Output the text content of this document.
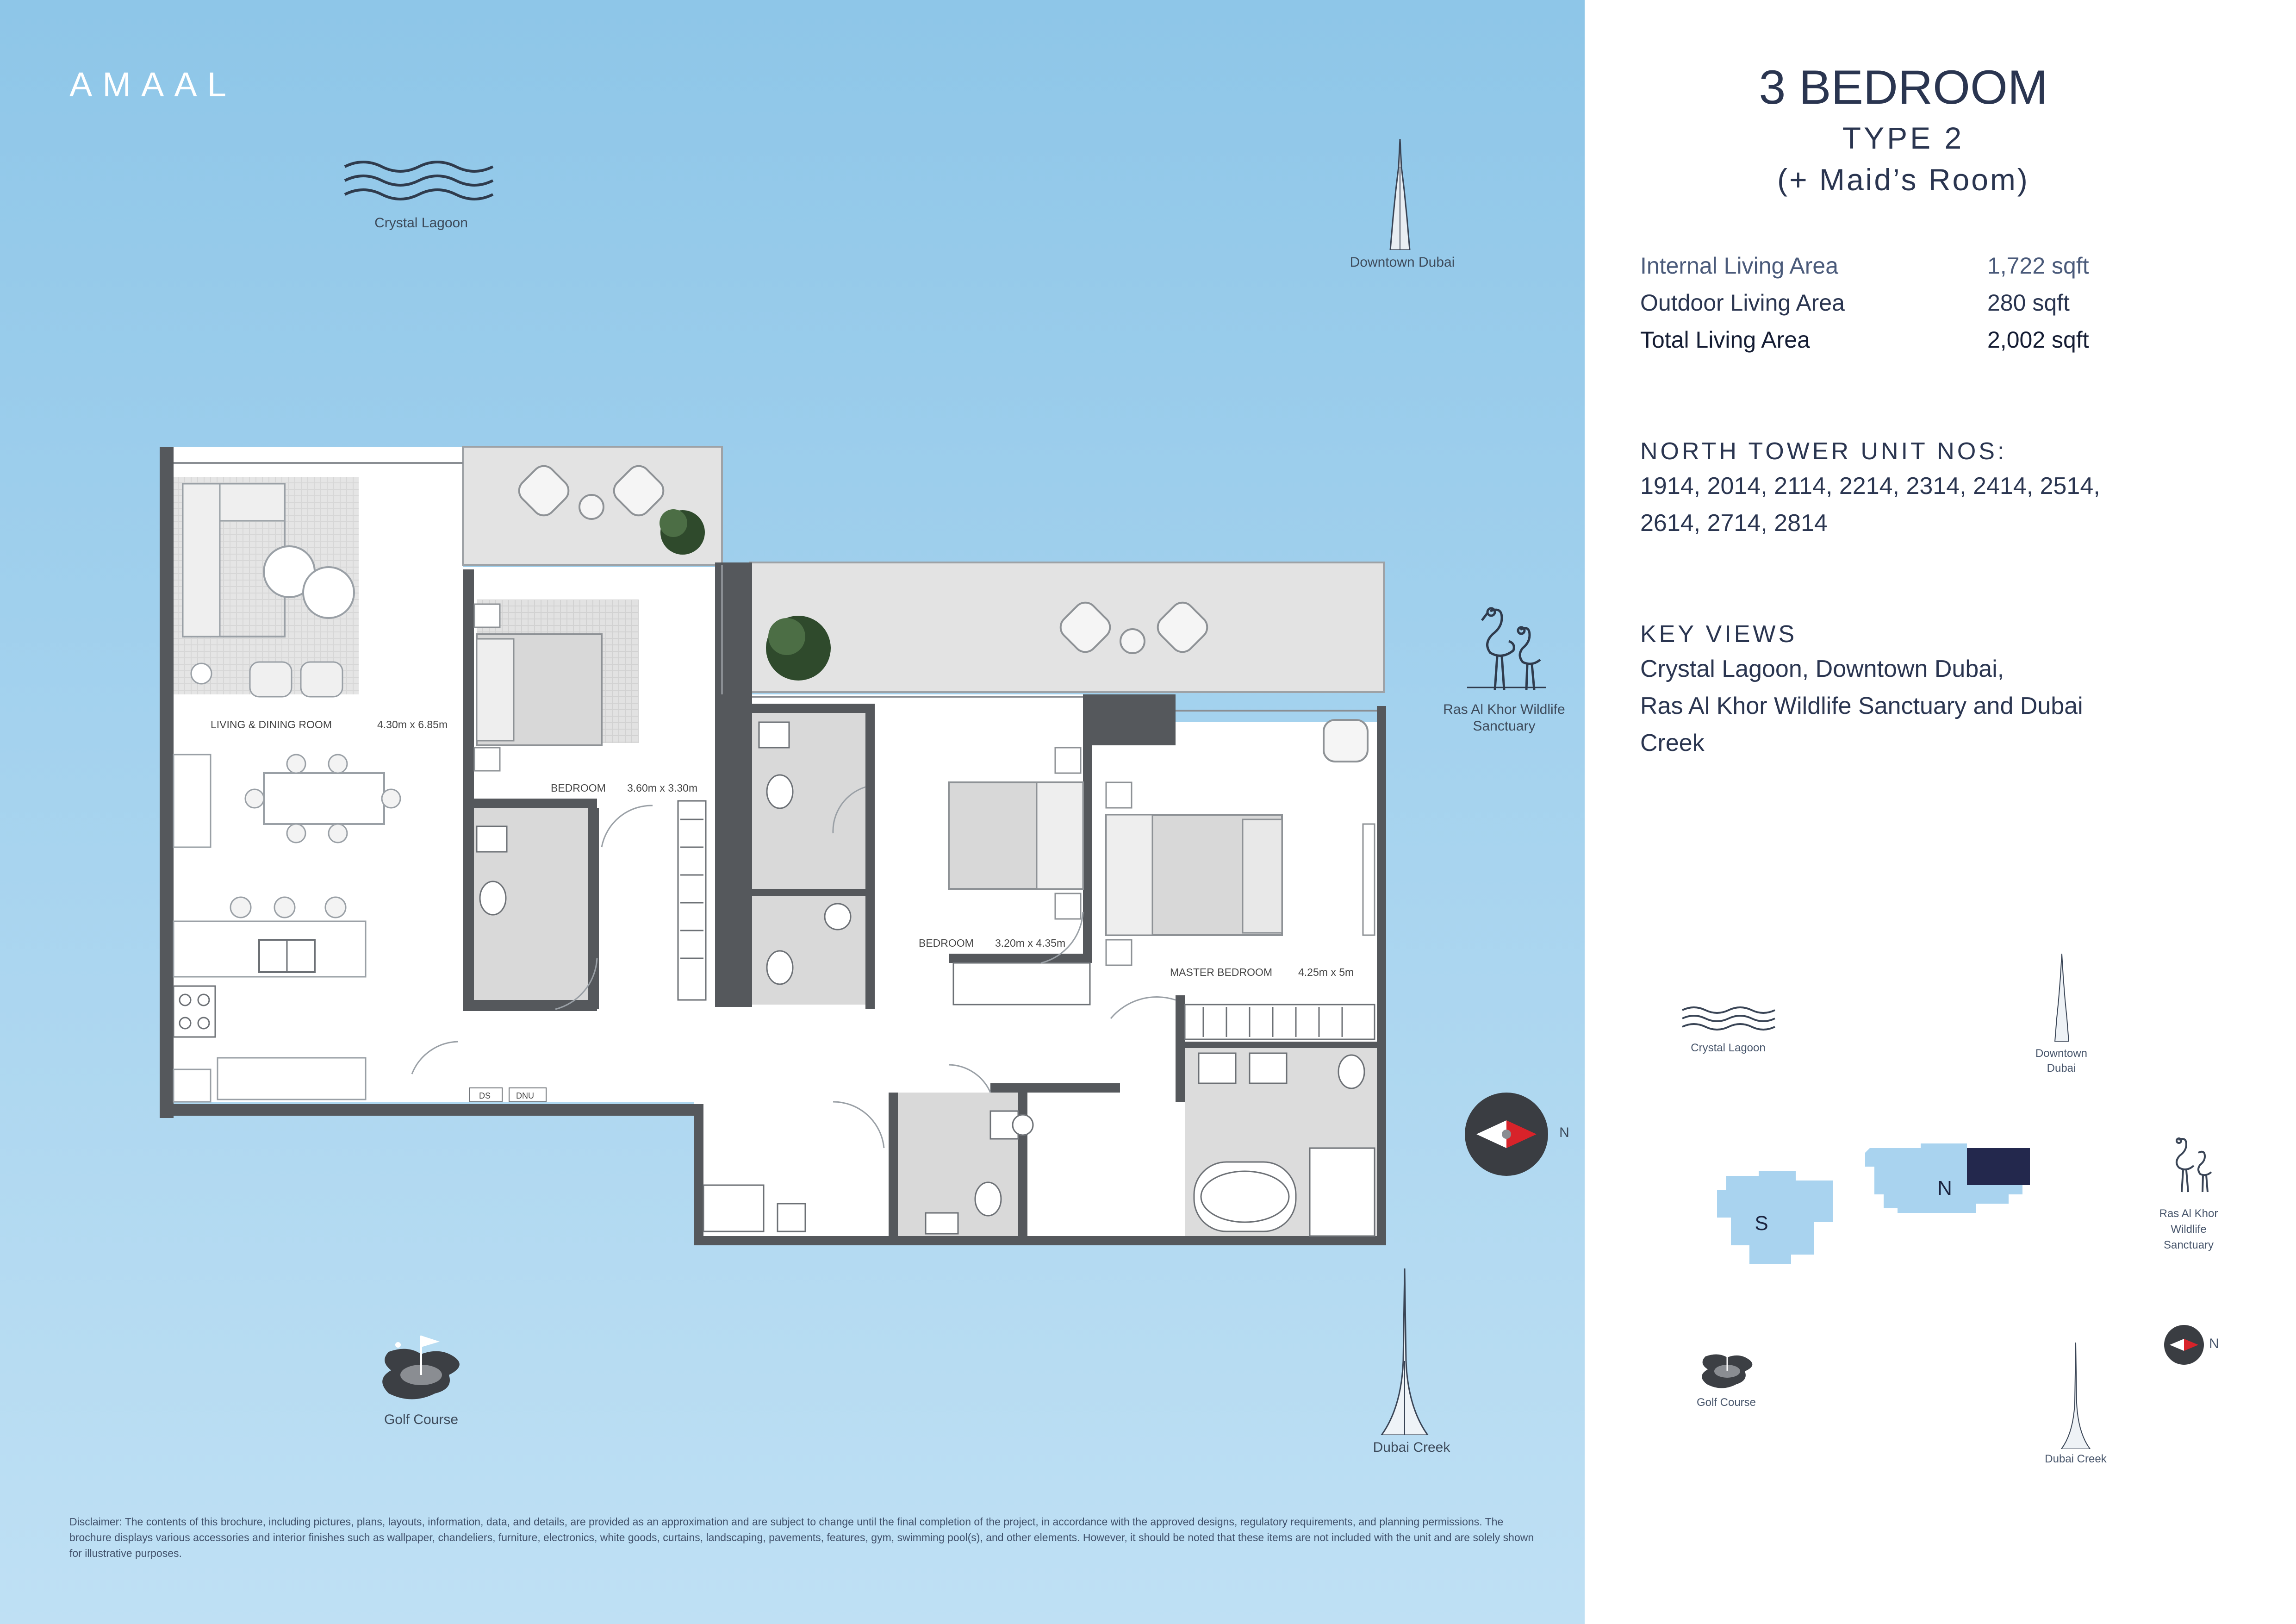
AMAAL
Crystal Lagoon
Downtown Dubai
Ras Al Khor Wildlife Sanctuary
N
Golf Course
Dubai Creek
LIVING & DINING ROOM	4.30m x 6.85m
BEDROOM 3.60m x 3.30m
BEDROOM 3.20m x 4.35m
MASTER BEDROOM 4.25m x 5m
DS	DNU
Disclaimer: The contents of this brochure, including pictures, plans, layouts, information, data, and details, are provided as an approximation and are subject to change until the final completion of the project, in accordance with the approved designs, regulatory requirements, and planning permissions. The brochure displays various accessories and interior finishes such as wallpaper, chandeliers, furniture, electronics, white goods, curtains, landscaping, pavements, features, gym, swimming pool(s), and other elements. However, it should be noted that these items are not included with the unit and are solely shown for illustrative purposes.
3 BEDROOM
TYPE 2
(+ Maid’s Room)
Internal Living Area	1,722 sqft
Outdoor Living Area	280 sqft
Total Living Area	2,002 sqft
NORTH TOWER UNIT NOS:
1914, 2014, 2114, 2214, 2314, 2414, 2514,
2614, 2714, 2814
KEY VIEWS
Crystal Lagoon, Downtown Dubai,
Ras Al Khor Wildlife Sanctuary and Dubai
Creek
Crystal Lagoon	Downtown
Dubai
S
N
Ras Al Khor
Wildlife
Sanctuary
N
Golf Course
Dubai Creek
